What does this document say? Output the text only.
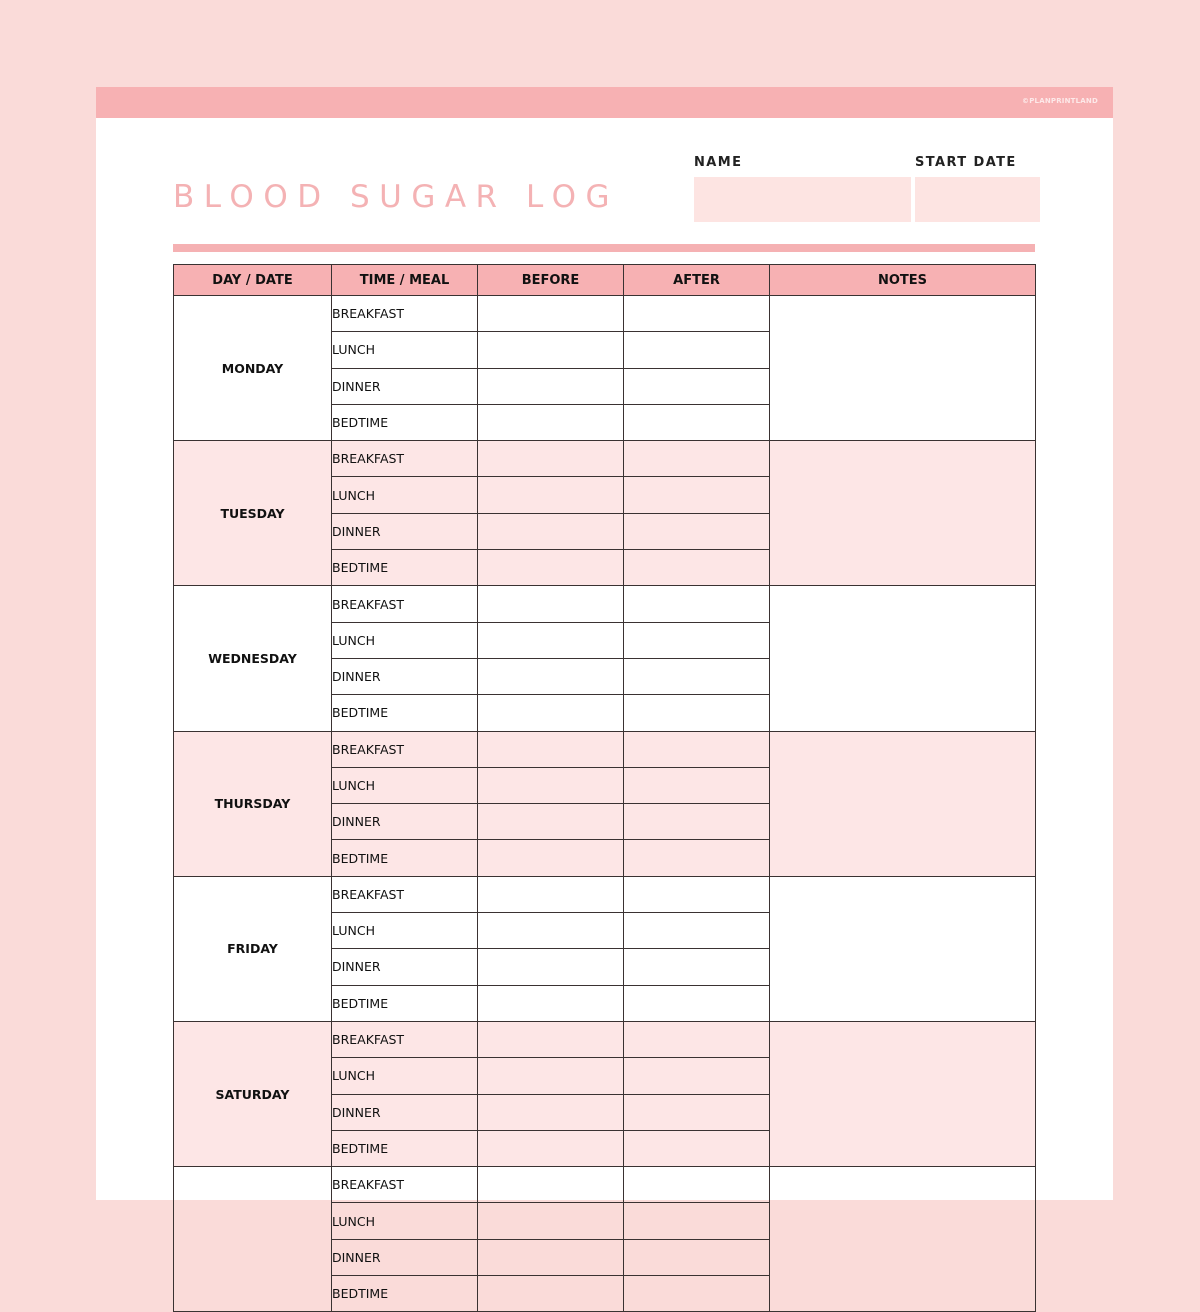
©PLANPRINTLAND
BLOOD SUGAR LOG
NAME	START DATE
DAY / DATE	TIME / MEAL	BEFORE	AFTER	NOTES
MONDAY	BREAKFAST			

	LUNCH		
	DINNER		
	BEDTIME		
TUESDAY	BREAKFAST			

	LUNCH		
	DINNER		
	BEDTIME		
WEDNESDAY	BREAKFAST			

	LUNCH		
	DINNER		
	BEDTIME		
THURSDAY	BREAKFAST			

	LUNCH		
	DINNER		
	BEDTIME		
FRIDAY	BREAKFAST			

	LUNCH		
	DINNER		
	BEDTIME		
SATURDAY	BREAKFAST			

	LUNCH		
	DINNER		
	BEDTIME		
	BREAKFAST			

	LUNCH		
	DINNER		
	BEDTIME		
